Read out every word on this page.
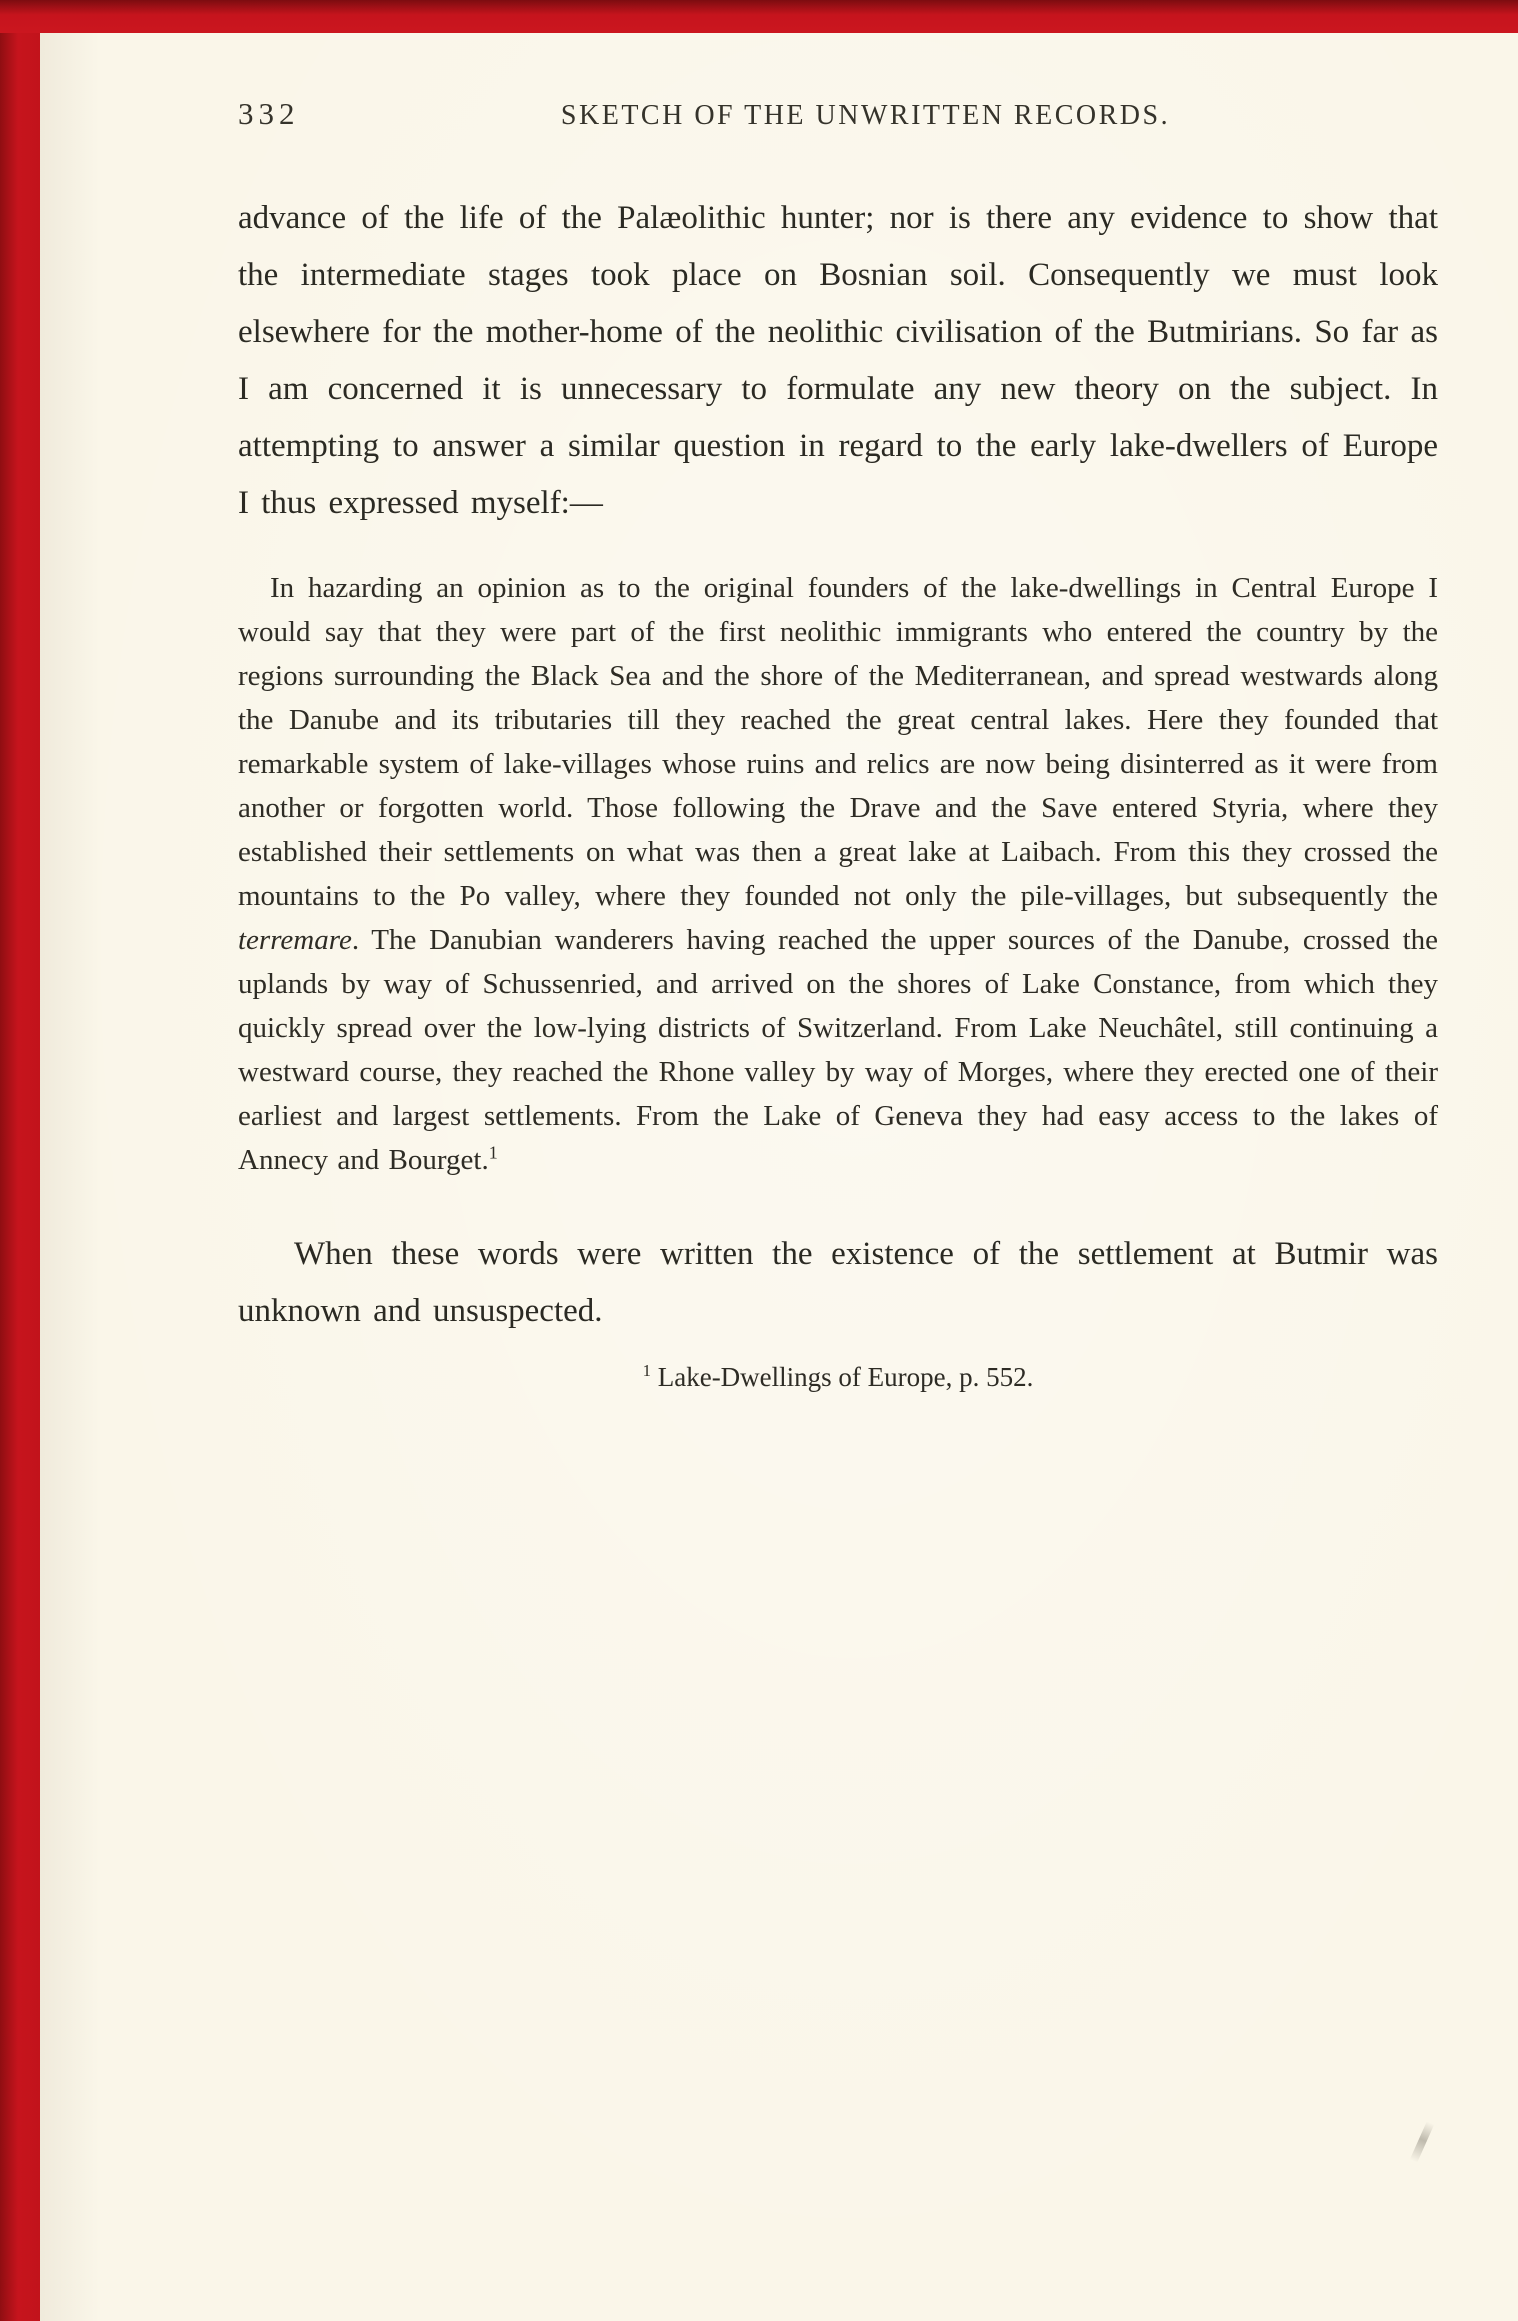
332	SKETCH OF THE UNWRITTEN RECORDS.

advance of the life of the Palæolithic hunter; nor is there any evidence to show that the intermediate stages took place on Bosnian soil. Consequently we must look elsewhere for the mother-home of the neolithic civilisation of the Butmirians. So far as I am concerned it is unnecessary to formulate any new theory on the subject. In attempting to answer a similar question in regard to the early lake-dwellers of Europe I thus expressed myself:—

In hazarding an opinion as to the original founders of the lake-dwellings in Central Europe I would say that they were part of the first neolithic immigrants who entered the country by the regions surrounding the Black Sea and the shore of the Mediterranean, and spread westwards along the Danube and its tributaries till they reached the great central lakes. Here they founded that remarkable system of lake-villages whose ruins and relics are now being disinterred as it were from another or forgotten world. Those following the Drave and the Save entered Styria, where they established their settlements on what was then a great lake at Laibach. From this they crossed the mountains to the Po valley, where they founded not only the pile-villages, but subsequently the terremare. The Danubian wanderers having reached the upper sources of the Danube, crossed the uplands by way of Schussenried, and arrived on the shores of Lake Constance, from which they quickly spread over the low-lying districts of Switzerland. From Lake Neuchâtel, still continuing a westward course, they reached the Rhone valley by way of Morges, where they erected one of their earliest and largest settlements. From the Lake of Geneva they had easy access to the lakes of Annecy and Bourget.$^1$

When these words were written the existence of the settlement at Butmir was unknown and unsuspected.

$^1$ Lake-Dwellings of Europe, p. 552.
